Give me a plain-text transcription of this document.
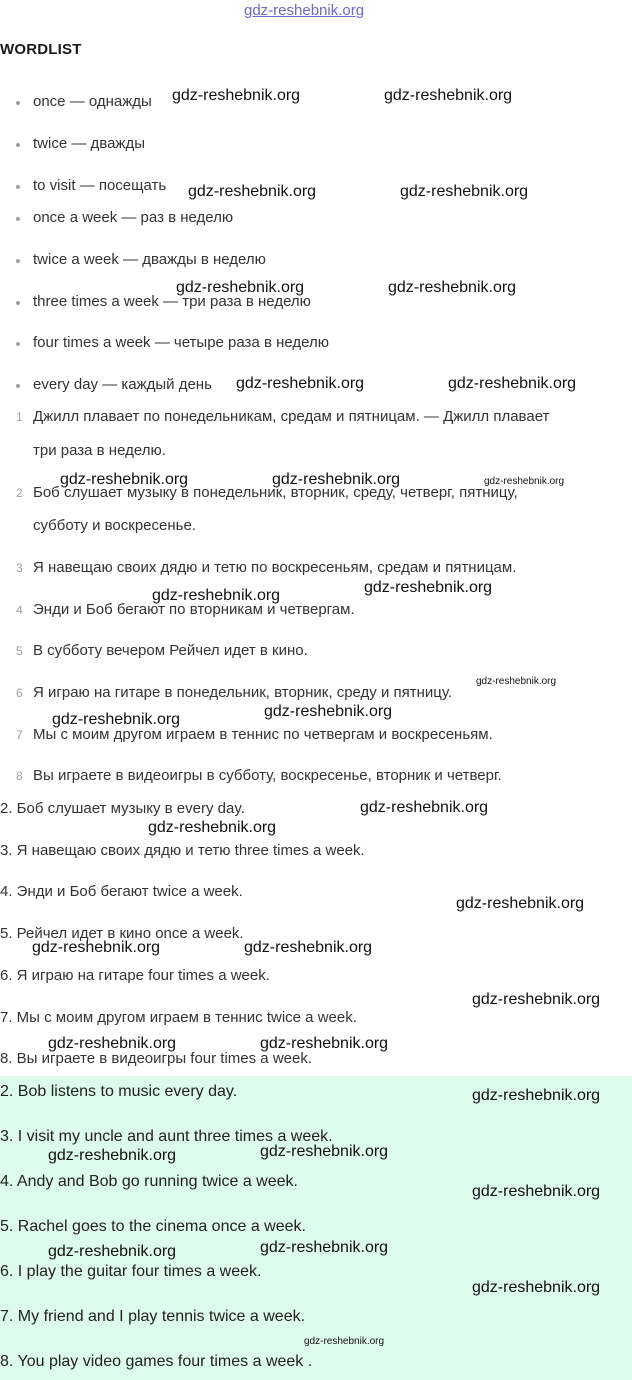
gdz-reshebnik.org
WORDLIST
once — однажды
twice — дважды
to visit — посещать
once a week — раз в неделю
twice a week — дважды в неделю
three times a week — три раза в неделю
four times a week — четыре раза в неделю
every day — каждый день
1 Джилл плавает по понедельникам, средам и пятницам. — Джилл плавает
три раза в неделю.
2 Боб слушает музыку в понедельник, вторник, среду, четверг, пятницу,
субботу и воскресенье.
3 Я навещаю своих дядю и тетю по воскресеньям, средам и пятницам.
4 Энди и Боб бегают по вторникам и четвергам.
5 В субботу вечером Рейчел идет в кино.
6 Я играю на гитаре в понедельник, вторник, среду и пятницу.
7 Мы с моим другом играем в теннис по четвергам и воскресеньям.
8 Вы играете в видеоигры в субботу, воскресенье, вторник и четверг.
2. Боб слушает музыку в every day.
3. Я навещаю своих дядю и тетю three times a week.
4. Энди и Боб бегают twice a week.
5. Рейчел идет в кино once a week.
6. Я играю на гитаре four times a week.
7. Мы с моим другом играем в теннис twice a week.
8. Вы играете в видеоигры four times a week.
2. Bob listens to music every day.
3. I visit my uncle and aunt three times a week.
4. Andy and Bob go running twice a week.
5. Rachel goes to the cinema once a week.
6. I play the guitar four times a week.
7. My friend and I play tennis twice a week.
8. You play video games four times a week .
gdz-reshebnik.org	gdz-reshebnik.org
gdz-reshebnik.org	gdz-reshebnik.org
gdz-reshebnik.org	gdz-reshebnik.org
gdz-reshebnik.org	gdz-reshebnik.org
gdz-reshebnik.org	gdz-reshebnik.org	gdz-reshebnik.org
gdz-reshebnik.org	gdz-reshebnik.org
gdz-reshebnik.org
gdz-reshebnik.org	gdz-reshebnik.org
gdz-reshebnik.org
gdz-reshebnik.org
gdz-reshebnik.org
gdz-reshebnik.org	gdz-reshebnik.org
gdz-reshebnik.org
gdz-reshebnik.org	gdz-reshebnik.org
gdz-reshebnik.org
gdz-reshebnik.org	gdz-reshebnik.org
gdz-reshebnik.org
gdz-reshebnik.org	gdz-reshebnik.org
gdz-reshebnik.org
gdz-reshebnik.org
